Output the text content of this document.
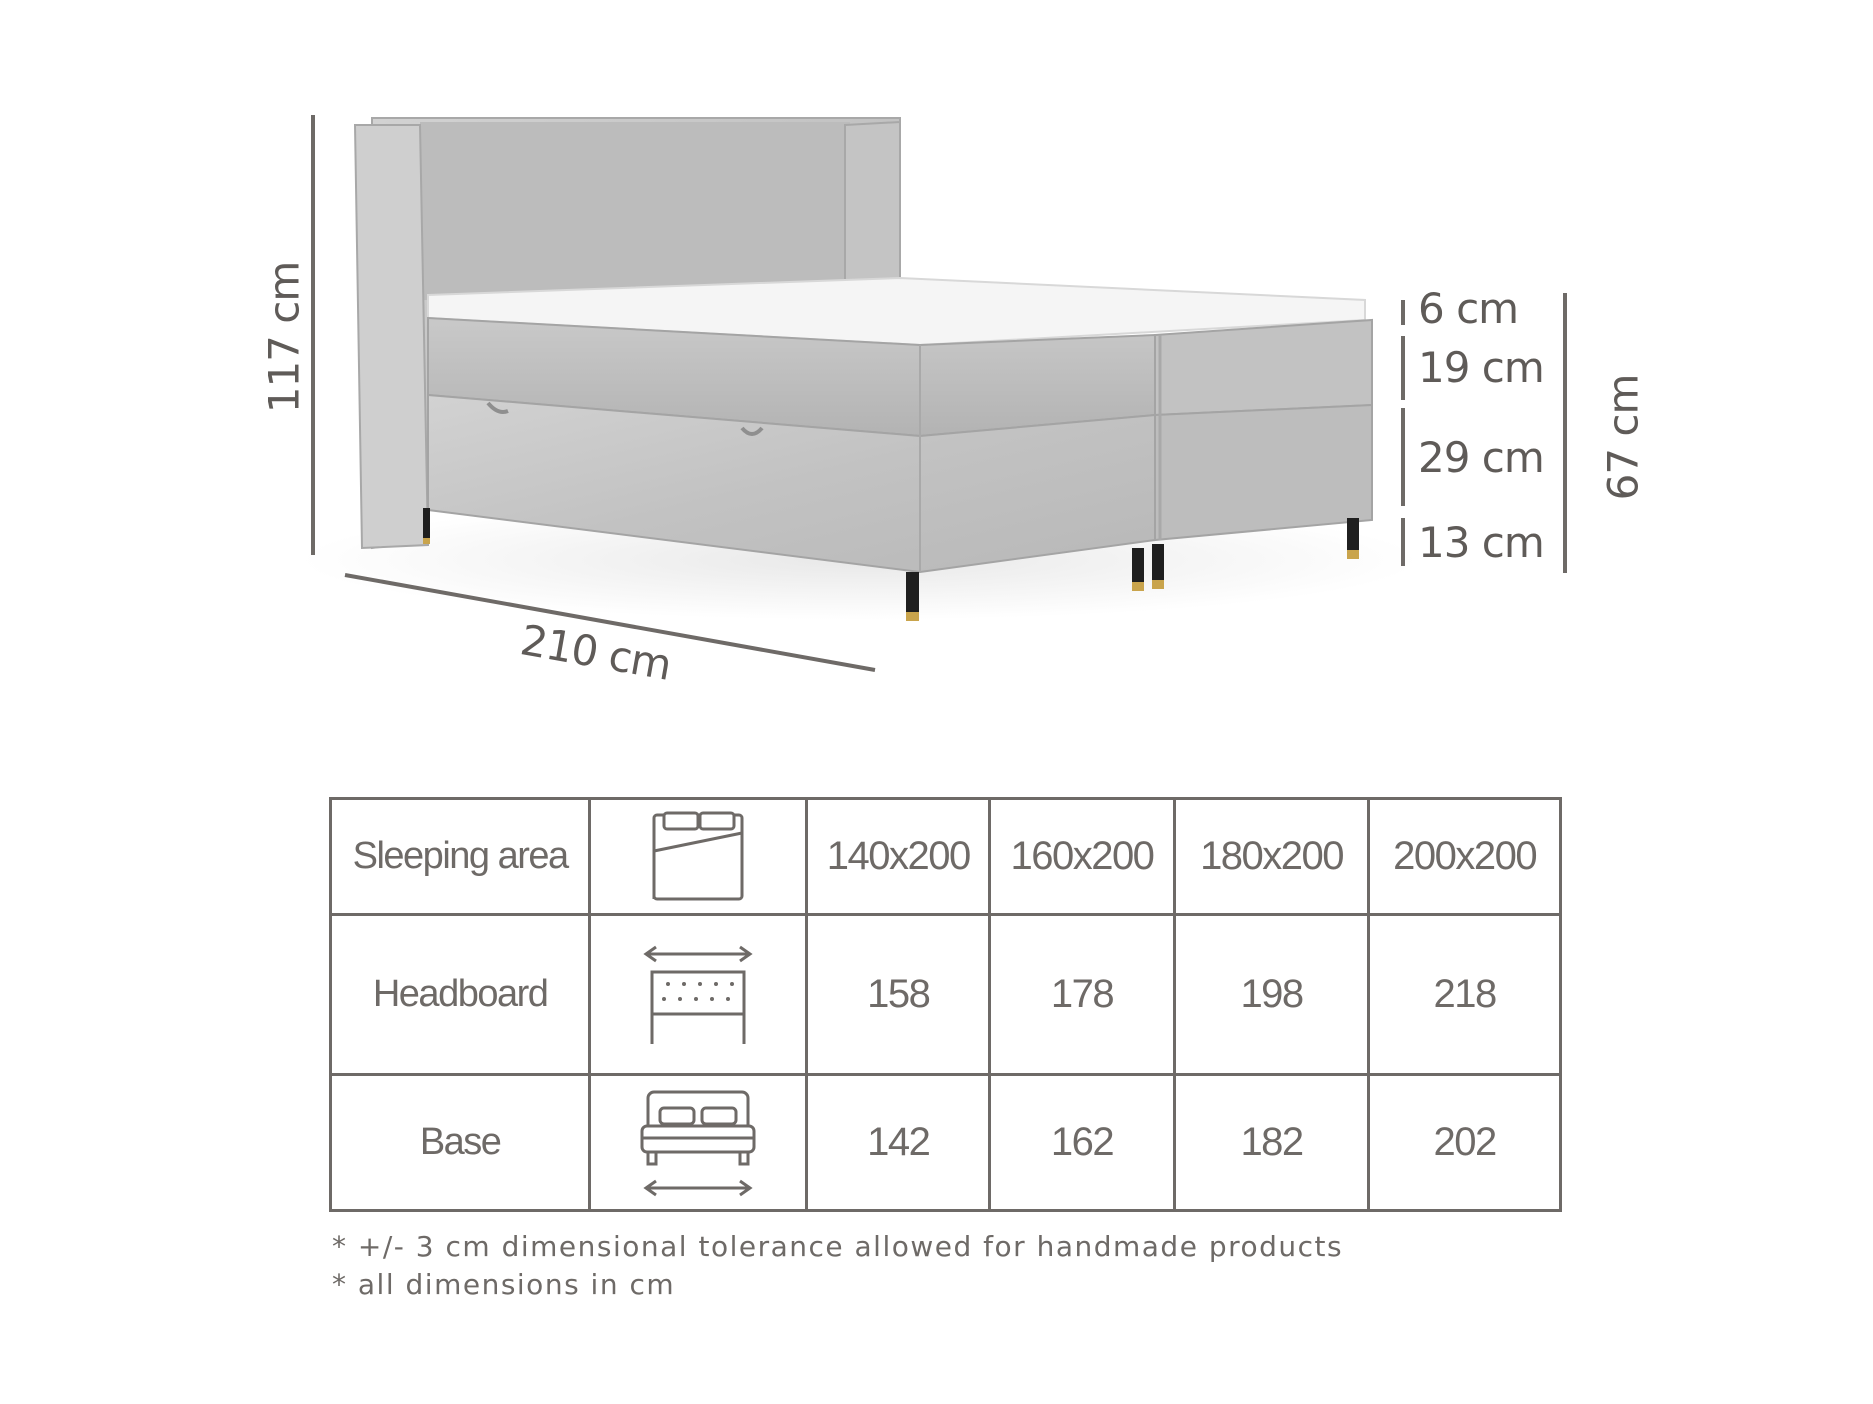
117 cm
210 cm
6 cm
19 cm
29 cm
13 cm
67 cm
Sleeping area		140x200	160x200	180x200	200x200
Headboard		158	178	198	218
Base		142	162	182	202
* +/- 3 cm dimensional tolerance allowed for handmade products
* all dimensions in cm
